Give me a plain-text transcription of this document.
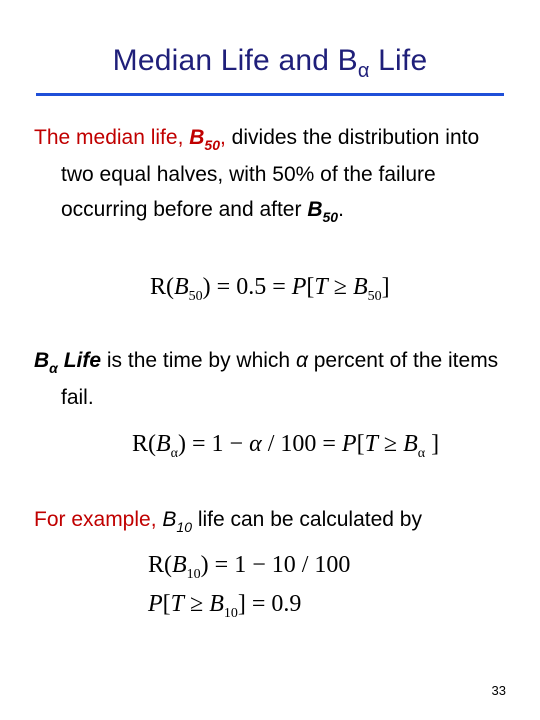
Median Life and $B_\alpha$ Life
The median life, $B_{50}$, divides the distribution into two equal halves, with 50% of the failure occurring before and after $B_{50}$.
$R(B_{50}) = 0.5 = P[T \ge B_{50}]$
$B_\alpha$ Life is the time by which α percent of the items fail.
$R(B_\alpha) = 1 - \alpha / 100 = P[T \ge B_\alpha$ ]
For example, $B_{10}$ life can be calculated by
$R(B_{10}) = 1 - 10 / 100$
$P[T \ge B_{10}] = 0.9$
33
